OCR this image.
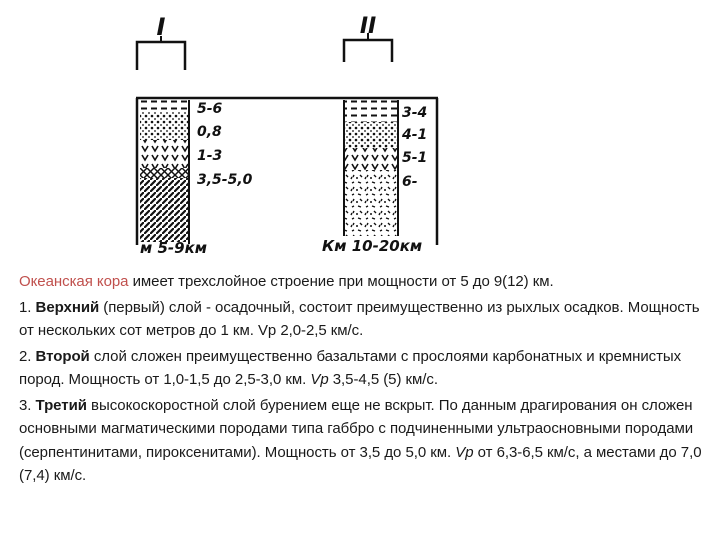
I
5-6
0,8
1-3
3,5-5,0
м 5-9км
II
3-4
4-1
5-1
6-
Км 10-20км

Океанская кора имеет трехслойное строение при мощности от 5 до 9(12) км.

1. Верхний (первый) слой - осадочный, состоит преимущественно из рыхлых осадков. Мощность от нескольких сот метров до 1 км. Vp 2,0-2,5 км/с.

2. Второй слой сложен преимущественно базальтами с прослоями карбонатных и кремнистых пород. Мощность от 1,0-1,5 до 2,5-3,0 км. Vp 3,5-4,5 (5) км/с.

3. Третий высокоскоростной слой бурением еще не вскрыт. По данным драгирования он сложен основными магматическими породами типа габбро с подчиненными ультраосновными породами (серпентинитами, пироксенитами). Мощность от 3,5 до 5,0 км. Vp от 6,3-6,5 км/с, а местами до 7,0 (7,4) км/с.
